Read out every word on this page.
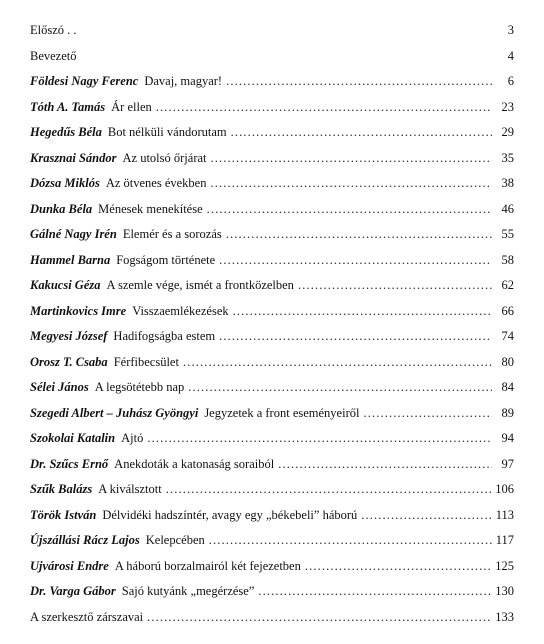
Előszó . .	3
Bevezető	4
Földesi Nagy Ferenc Davaj, magyar! . . .	6
Tóth A. Tamás Ár ellen . . .	23
Hegedűs Béla Bot nélküli vándorutam . . .	29
Krasznai Sándor Az utolsó őrjárat . . .	35
Dózsa Miklós Az ötvenes években . . .	38
Dunka Béla Ménesek menekítése . . .	46
Gálné Nagy Irén Elemér és a sorozás . . .	55
Hammel Barna Fogságom története . . .	58
Kakucsi Géza A szemle vége, ismét a frontközelben . . .	62
Martinkovics Imre Visszaemlékezések . . .	66
Megyesi József Hadifogságba estem . . .	74
Orosz T. Csaba Férfibecsület . . .	80
Sélei János A legsötétebb nap . . .	84
Szegedi Albert – Juhász Gyöngyi Jegyzetek a front eseményeiről . . .	89
Szokolai Katalin Ajtó . . .	94
Dr. Szűcs Ernő Anekdoták a katonaság soraiból . . .	97
Szűk Balázs A kiválsztott . . .	106
Török István Délvidéki hadszíntér, avagy egy „békebeli” háború . . .	113
Újszállási Rácz Lajos Kelepcében . . .	117
Ujvárosi Endre A háború borzalmairól két fejezetben . . .	125
Dr. Varga Gábor Sajó kutyánk „megérzése” . . .	130
A szerkesztő zárszavai . . .	133
